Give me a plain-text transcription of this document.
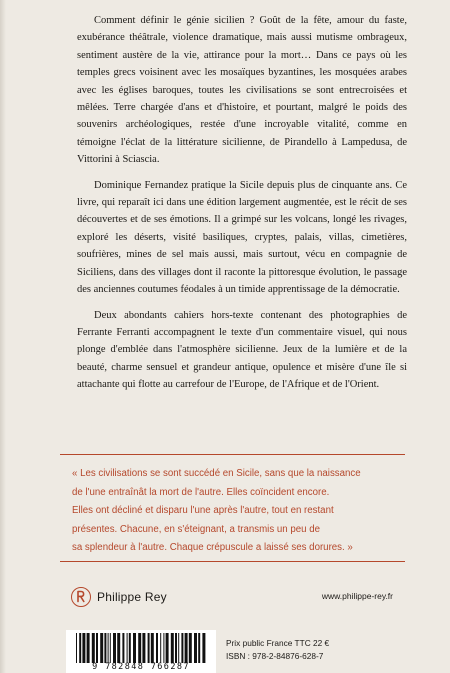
Comment définir le génie sicilien ? Goût de la fête, amour du faste, exubérance théâtrale, violence dramatique, mais aussi mutisme ombrageux, sentiment austère de la vie, attirance pour la mort… Dans ce pays où les temples grecs voisinent avec les mosaïques byzantines, les mosquées arabes avec les églises baroques, toutes les civilisations se sont entrecroisées et mêlées. Terre chargée d'ans et d'histoire, et pourtant, malgré le poids des souvenirs archéologiques, restée d'une incroyable vitalité, comme en témoigne l'éclat de la littérature sicilienne, de Pirandello à Lampedusa, de Vittorini à Sciascia.

Dominique Fernandez pratique la Sicile depuis plus de cinquante ans. Ce livre, qui reparaît ici dans une édition largement augmentée, est le récit de ses découvertes et de ses émotions. Il a grimpé sur les volcans, longé les rivages, exploré les déserts, visité basiliques, cryptes, palais, villas, cimetières, soufrières, mines de sel mais aussi, mais surtout, vécu en compagnie de Siciliens, dans des villages dont il raconte la pittoresque évolution, le passage des anciennes coutumes féodales à un timide apprentissage de la démocratie.

Deux abondants cahiers hors-texte contenant des photographies de Ferrante Ferranti accompagnent le texte d'un commentaire visuel, qui nous plonge d'emblée dans l'atmosphère sicilienne. Jeux de la lumière et de la beauté, charme sensuel et grandeur antique, opulence et misère d'une île si attachante qui flotte au carrefour de l'Europe, de l'Afrique et de l'Orient.

« Les civilisations se sont succédé en Sicile, sans que la naissance
de l'une entraînât la mort de l'autre. Elles coïncident encore.
Elles ont décliné et disparu l'une après l'autre, tout en restant
présentes. Chacune, en s'éteignant, a transmis un peu de
sa splendeur à l'autre. Chaque crépuscule a laissé ses dorures. »
Philippe Rey	www.philippe-rey.fr
9 782848 766287
Prix public France TTC 22 €
ISBN : 978-2-84876-628-7
